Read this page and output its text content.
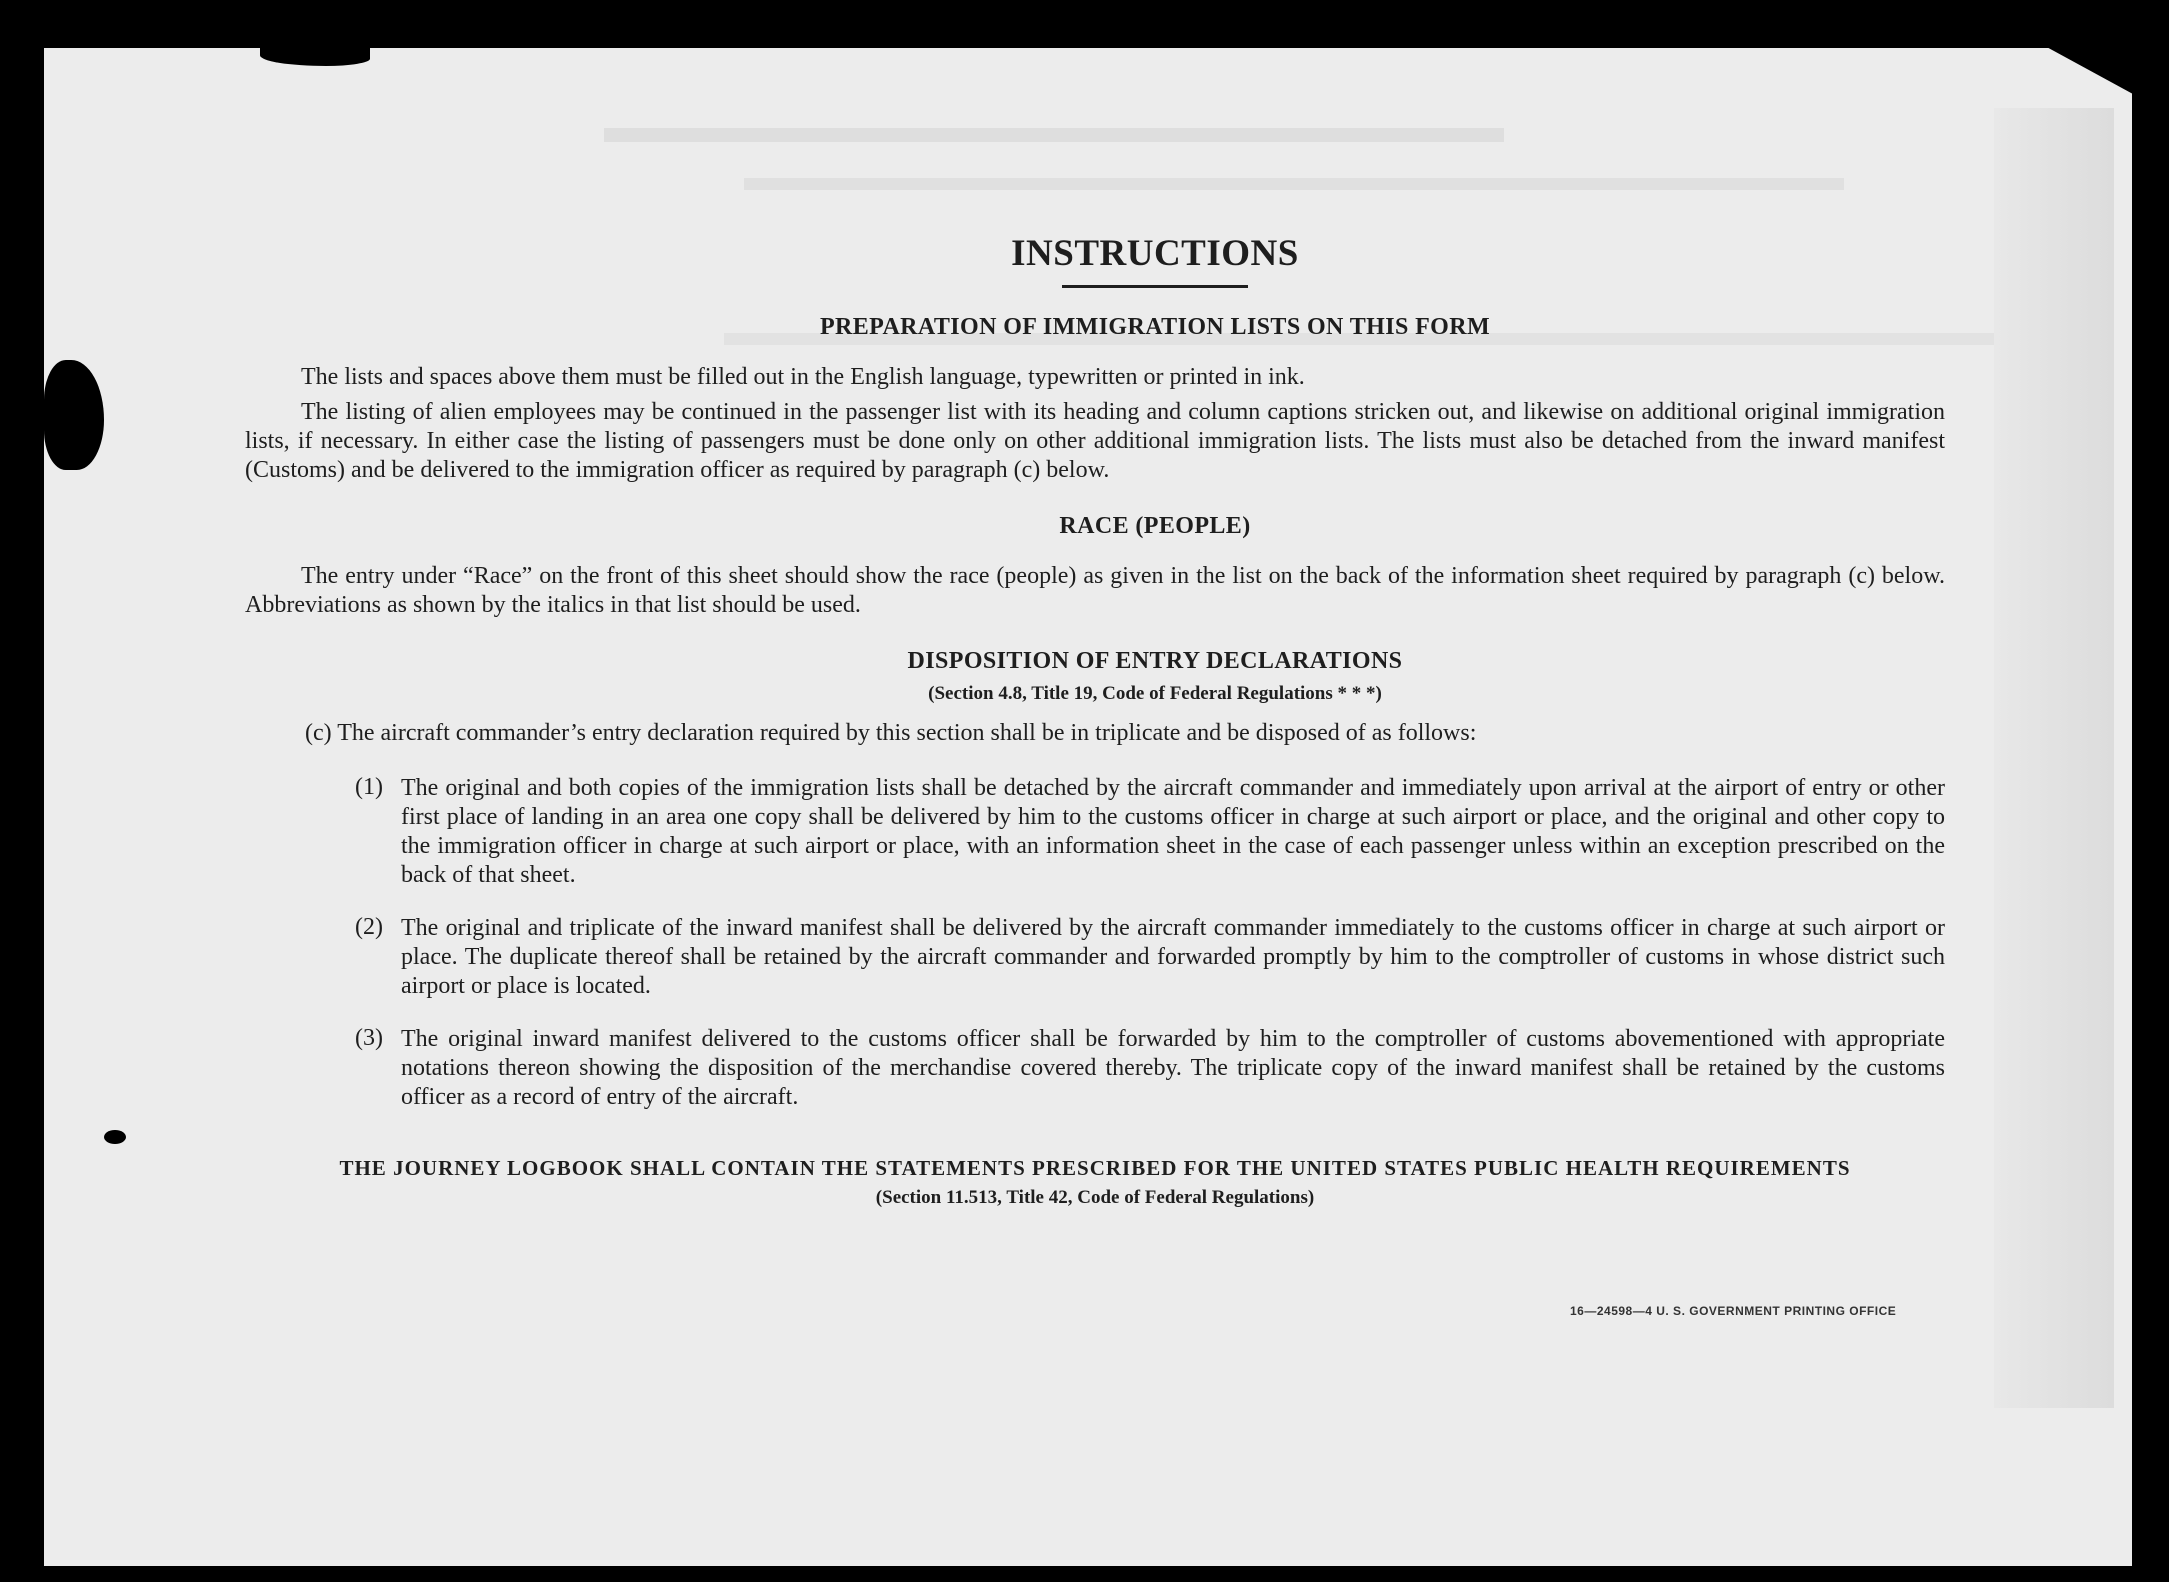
INSTRUCTIONS
PREPARATION OF IMMIGRATION LISTS ON THIS FORM

The lists and spaces above them must be filled out in the English language, typewritten or printed in ink.

The listing of alien employees may be continued in the passenger list with its heading and column captions stricken out, and likewise on additional original immigration lists, if necessary. In either case the listing of passengers must be done only on other additional immigration lists. The lists must also be detached from the inward manifest (Customs) and be delivered to the immigration officer as required by paragraph (c) below.

RACE (PEOPLE)

The entry under “Race” on the front of this sheet should show the race (people) as given in the list on the back of the information sheet required by paragraph (c) below. Abbreviations as shown by the italics in that list should be used.

DISPOSITION OF ENTRY DECLARATIONS
(Section 4.8, Title 19, Code of Federal Regulations * * *)

(c) The aircraft commander’s entry declaration required by this section shall be in triplicate and be disposed of as follows:

(1) The original and both copies of the immigration lists shall be detached by the aircraft commander and immediately upon arrival at the airport of entry or other first place of landing in an area one copy shall be delivered by him to the customs officer in charge at such airport or place, and the original and other copy to the immigration officer in charge at such airport or place, with an information sheet in the case of each passenger unless within an exception prescribed on the back of that sheet.

(2) The original and triplicate of the inward manifest shall be delivered by the aircraft commander immediately to the customs officer in charge at such airport or place. The duplicate thereof shall be retained by the aircraft commander and forwarded promptly by him to the comptroller of customs in whose district such airport or place is located.

(3) The original inward manifest delivered to the customs officer shall be forwarded by him to the comptroller of customs abovementioned with appropriate notations thereon showing the disposition of the merchandise covered thereby. The triplicate copy of the inward manifest shall be retained by the customs officer as a record of entry of the aircraft.

THE JOURNEY LOGBOOK SHALL CONTAIN THE STATEMENTS PRESCRIBED FOR THE UNITED STATES PUBLIC HEALTH REQUIREMENTS
(Section 11.513, Title 42, Code of Federal Regulations)
16—24598—4 U. S. GOVERNMENT PRINTING OFFICE
